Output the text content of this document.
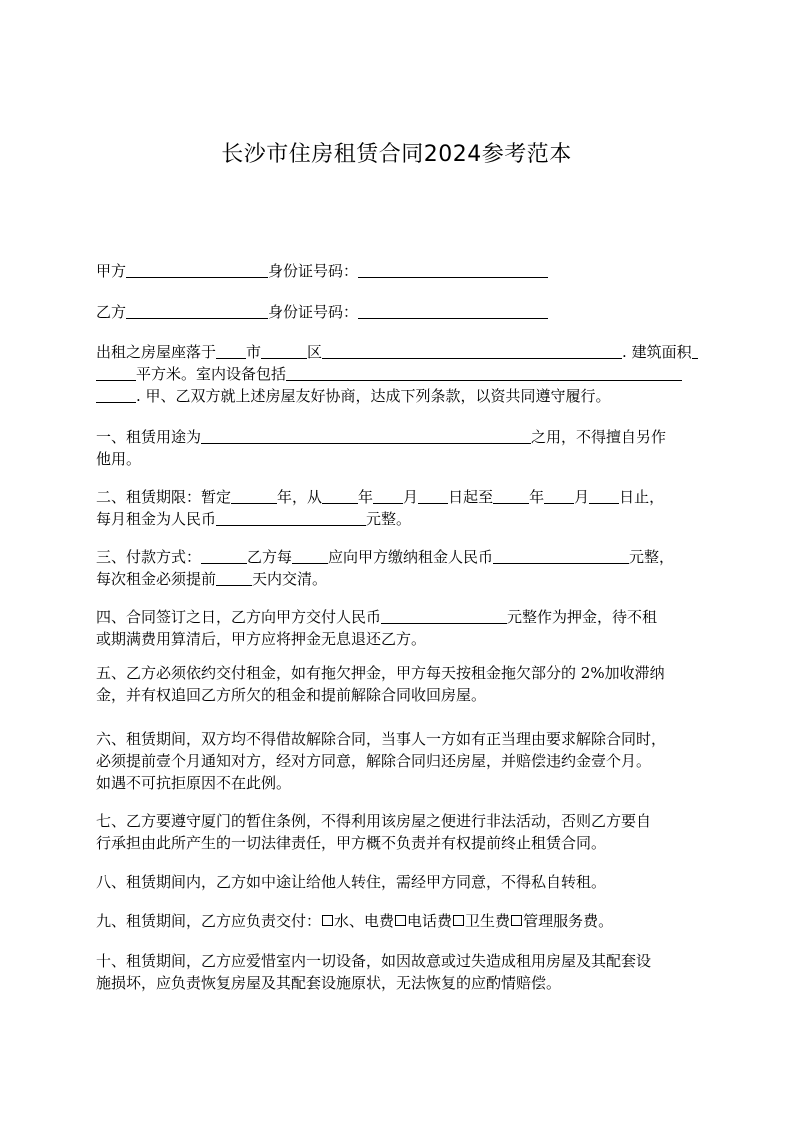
长沙市住房租赁合同2024参考范本
甲方	身份证号码：
乙方	身份证号码：
出租之房屋座落于 市	区	. 建筑面积
平方米。室内设备包括
. 甲、乙双方就上述房屋友好协商，达成下列条款，以资共同遵守履行。
一、租赁用途为	之用，不得擅自另作
他用。
二、租赁期限：暂定	年，从 年 月 日起至 年 月 日止，
每月租金为人民币	元整。
三、付款方式：	乙方每 应向甲方缴纳租金人民币	元整，
每次租金必须提前 天内交清。
四、合同签订之日，乙方向甲方交付人民币	元整作为押金，待不租
或期满费用算清后，甲方应将押金无息退还乙方。
五、乙方必须依约交付租金，如有拖欠押金，甲方每天按租金拖欠部分的 2%加收滞纳
金，并有权追回乙方所欠的租金和提前解除合同收回房屋。
六、租赁期间，双方均不得借故解除合同，当事人一方如有正当理由要求解除合同时，
必须提前壹个月通知对方，经对方同意，解除合同归还房屋，并赔偿违约金壹个月。
如遇不可抗拒原因不在此例。
七、乙方要遵守厦门的暂住条例，不得利用该房屋之便进行非法活动，否则乙方要自
行承担由此所产生的一切法律责任，甲方概不负责并有权提前终止租赁合同。
八、租赁期间内，乙方如中途让给他人转住，需经甲方同意，不得私自转租。
九、租赁期间，乙方应负责交付： 水、电费 电话费 卫生费 管理服务费。
十、租赁期间，乙方应爱惜室内一切设备，如因故意或过失造成租用房屋及其配套设
施损坏，应负责恢复房屋及其配套设施原状，无法恢复的应酌情赔偿。
